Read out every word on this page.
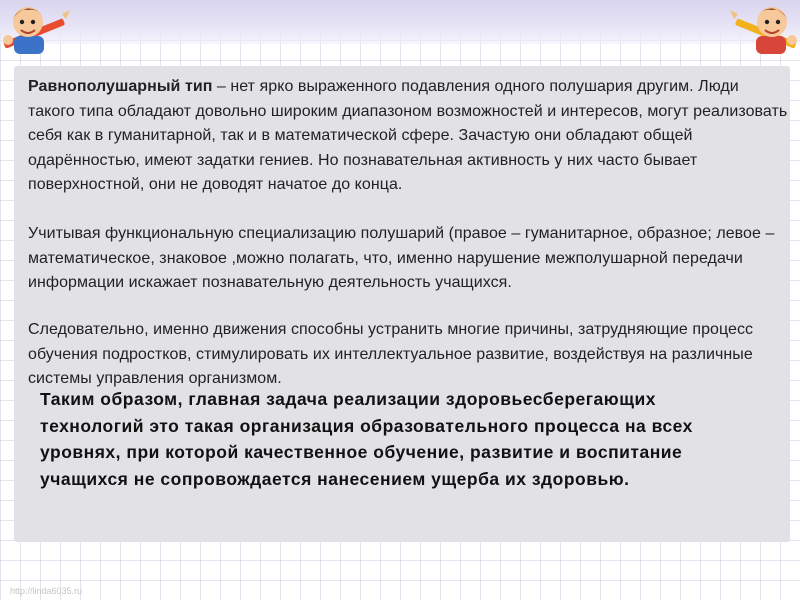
Равнополушарный тип – нет ярко выраженного подавления одного полушария другим. Люди такого типа обладают довольно широким диапазоном возможностей и интересов, могут реализовать себя как в гуманитарной, так и в математической сфере. Зачастую они обладают общей одарённостью, имеют задатки гениев. Но познавательная активность у них часто бывает поверхностной, они не доводят начатое до конца.

Учитывая функциональную специализацию полушарий (правое – гуманитарное, образное; левое – математическое, знаковое ,можно полагать, что, именно нарушение межполушарной передачи информации искажает познавательную деятельность учащихся.

Следовательно, именно движения способны устранить многие причины, затрудняющие процесс обучения подростков, стимулировать их интеллектуальное развитие, воздействуя на различные системы управления организмом.

Таким образом, главная задача реализации здоровьесберегающих технологий это такая организация образовательного процесса на всех уровнях, при которой качественное обучение, развитие и воспитание учащихся не сопровождается нанесением ущерба их здоровью.

http://linda6035.ru
